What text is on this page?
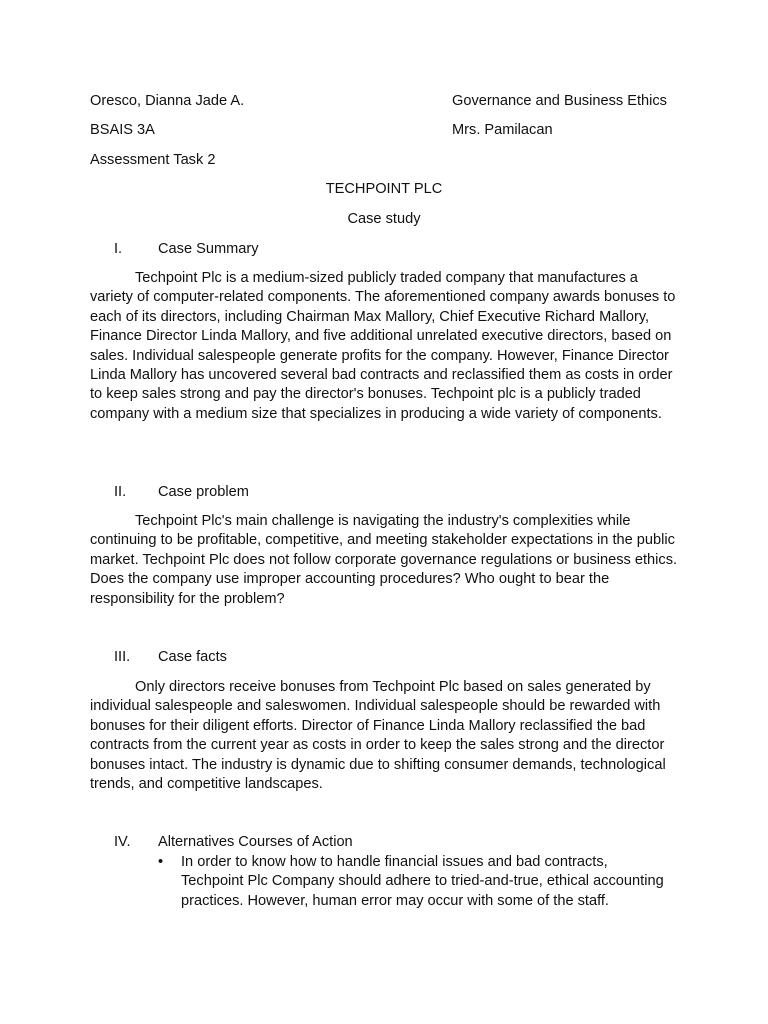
Oresco, Dianna Jade A.	Governance and Business Ethics
BSAIS 3A	Mrs. Pamilacan
Assessment Task 2
TECHPOINT PLC
Case study
I. Case Summary

Techpoint Plc is a medium-sized publicly traded company that manufactures a variety of computer-related components. The aforementioned company awards bonuses to each of its directors, including Chairman Max Mallory, Chief Executive Richard Mallory, Finance Director Linda Mallory, and five additional unrelated executive directors, based on sales. Individual salespeople generate profits for the company. However, Finance Director Linda Mallory has uncovered several bad contracts and reclassified them as costs in order to keep sales strong and pay the director's bonuses. Techpoint plc is a publicly traded company with a medium size that specializes in producing a wide variety of components.

II. Case problem

Techpoint Plc's main challenge is navigating the industry's complexities while continuing to be profitable, competitive, and meeting stakeholder expectations in the public market. Techpoint Plc does not follow corporate governance regulations or business ethics. Does the company use improper accounting procedures? Who ought to bear the responsibility for the problem?

III. Case facts

Only directors receive bonuses from Techpoint Plc based on sales generated by individual salespeople and saleswomen. Individual salespeople should be rewarded with bonuses for their diligent efforts. Director of Finance Linda Mallory reclassified the bad contracts from the current year as costs in order to keep the sales strong and the director bonuses intact. The industry is dynamic due to shifting consumer demands, technological trends, and competitive landscapes.

IV. Alternatives Courses of Action
• In order to know how to handle financial issues and bad contracts, Techpoint Plc Company should adhere to tried-and-true, ethical accounting practices. However, human error may occur with some of the staff.
